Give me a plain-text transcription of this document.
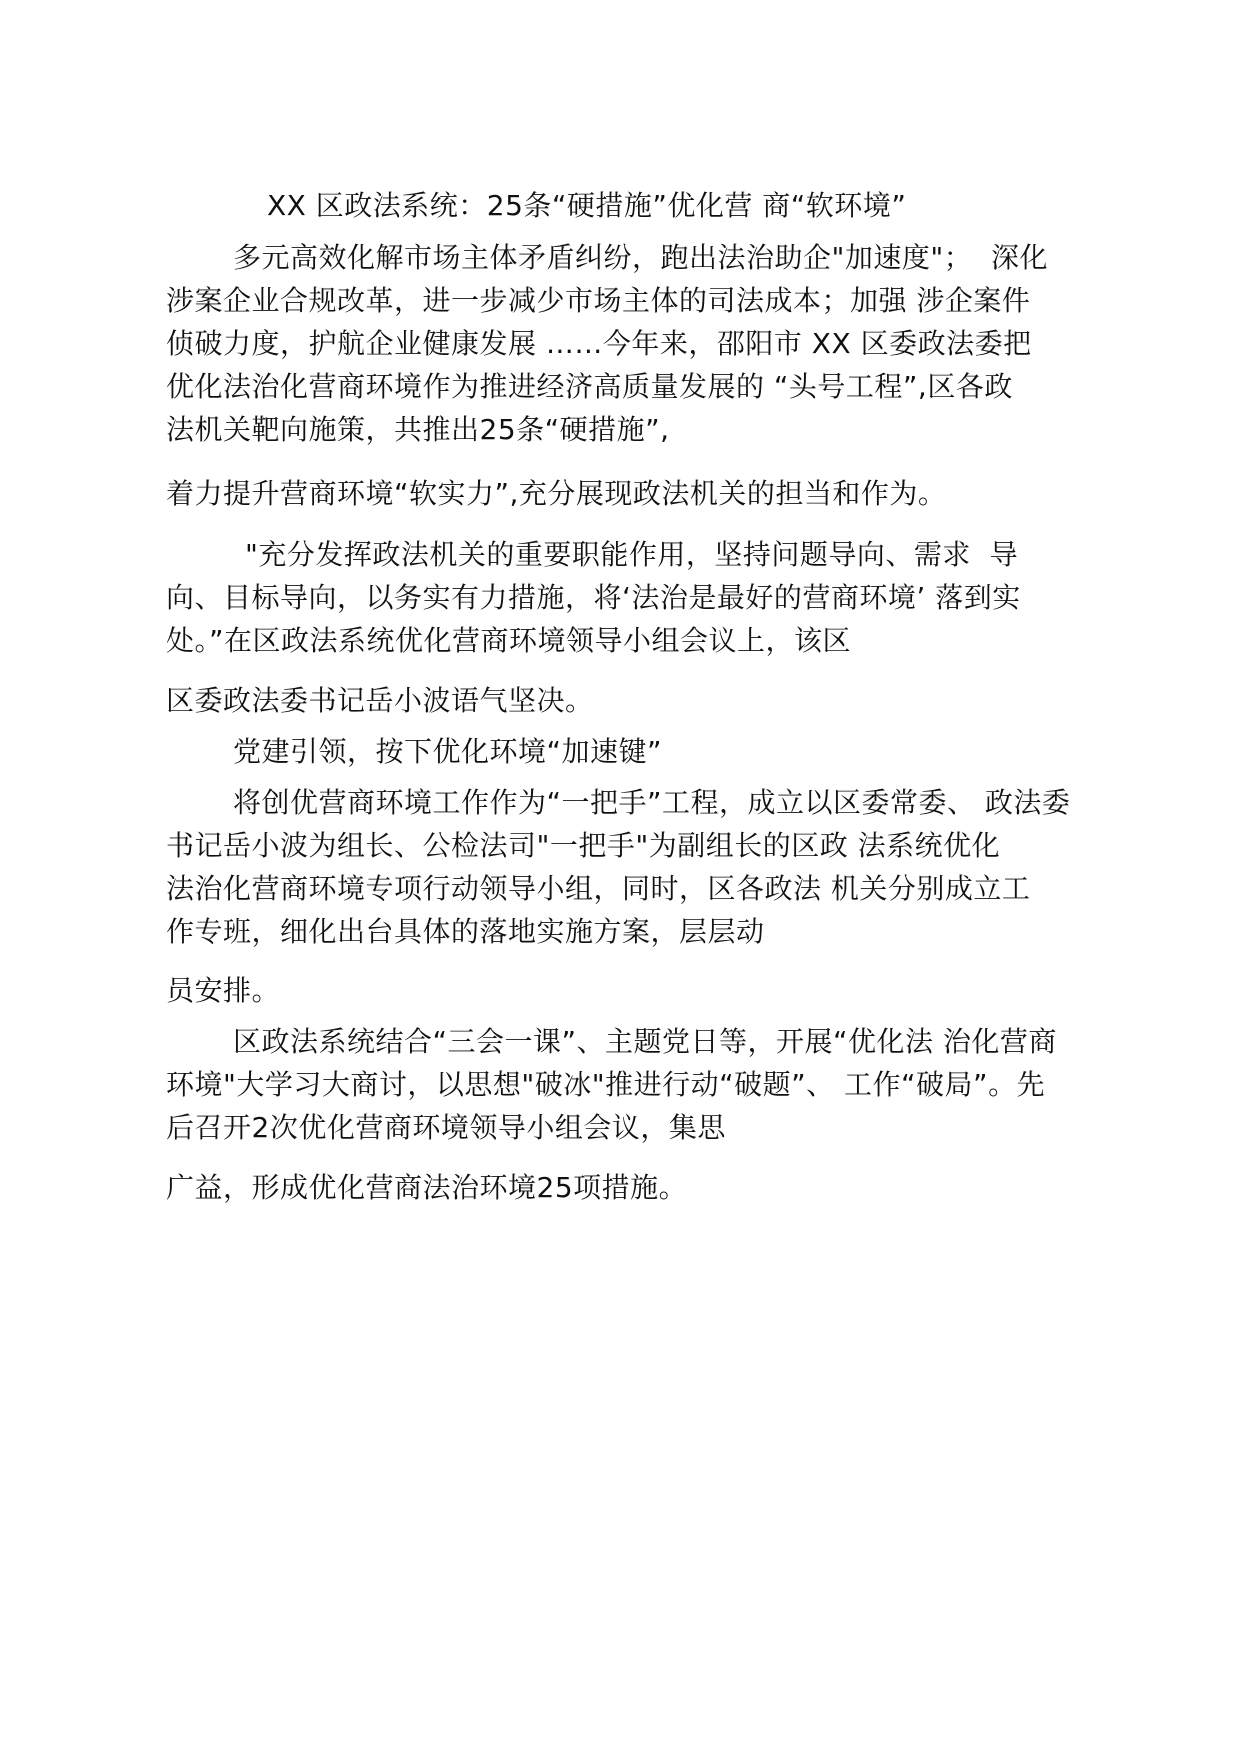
XX 区政法系统：25条“硬措施”优化营 商“软环境”
多元高效化解市场主体矛盾纠纷，跑出法治助企"加速度"；  深化
涉案企业合规改革，进一步减少市场主体的司法成本；加强 涉企案件
侦破力度，护航企业健康发展 ……今年来，邵阳市 XX 区委政法委把
优化法治化营商环境作为推进经济高质量发展的 “头号工程”,区各政
法机关靶向施策，共推出25条“硬措施”,
着力提升营商环境“软实力”,充分展现政法机关的担当和作为。
"充分发挥政法机关的重要职能作用，坚持问题导向、需求  导
向、目标导向，以务实有力措施，将‘法治是最好的营商环境’ 落到实
处。”在区政法系统优化营商环境领导小组会议上，该区
区委政法委书记岳小波语气坚决。
党建引领，按下优化环境“加速键”
将创优营商环境工作作为“一把手”工程，成立以区委常委、 政法委
书记岳小波为组长、公检法司"一把手"为副组长的区政 法系统优化
法治化营商环境专项行动领导小组，同时，区各政法 机关分别成立工
作专班，细化出台具体的落地实施方案，层层动
员安排。
区政法系统结合“三会一课”、主题党日等，开展“优化法 治化营商
环境"大学习大商讨，以思想"破冰"推进行动“破题”、 工作“破局”。先
后召开2次优化营商环境领导小组会议，集思
广益，形成优化营商法治环境25项措施。
